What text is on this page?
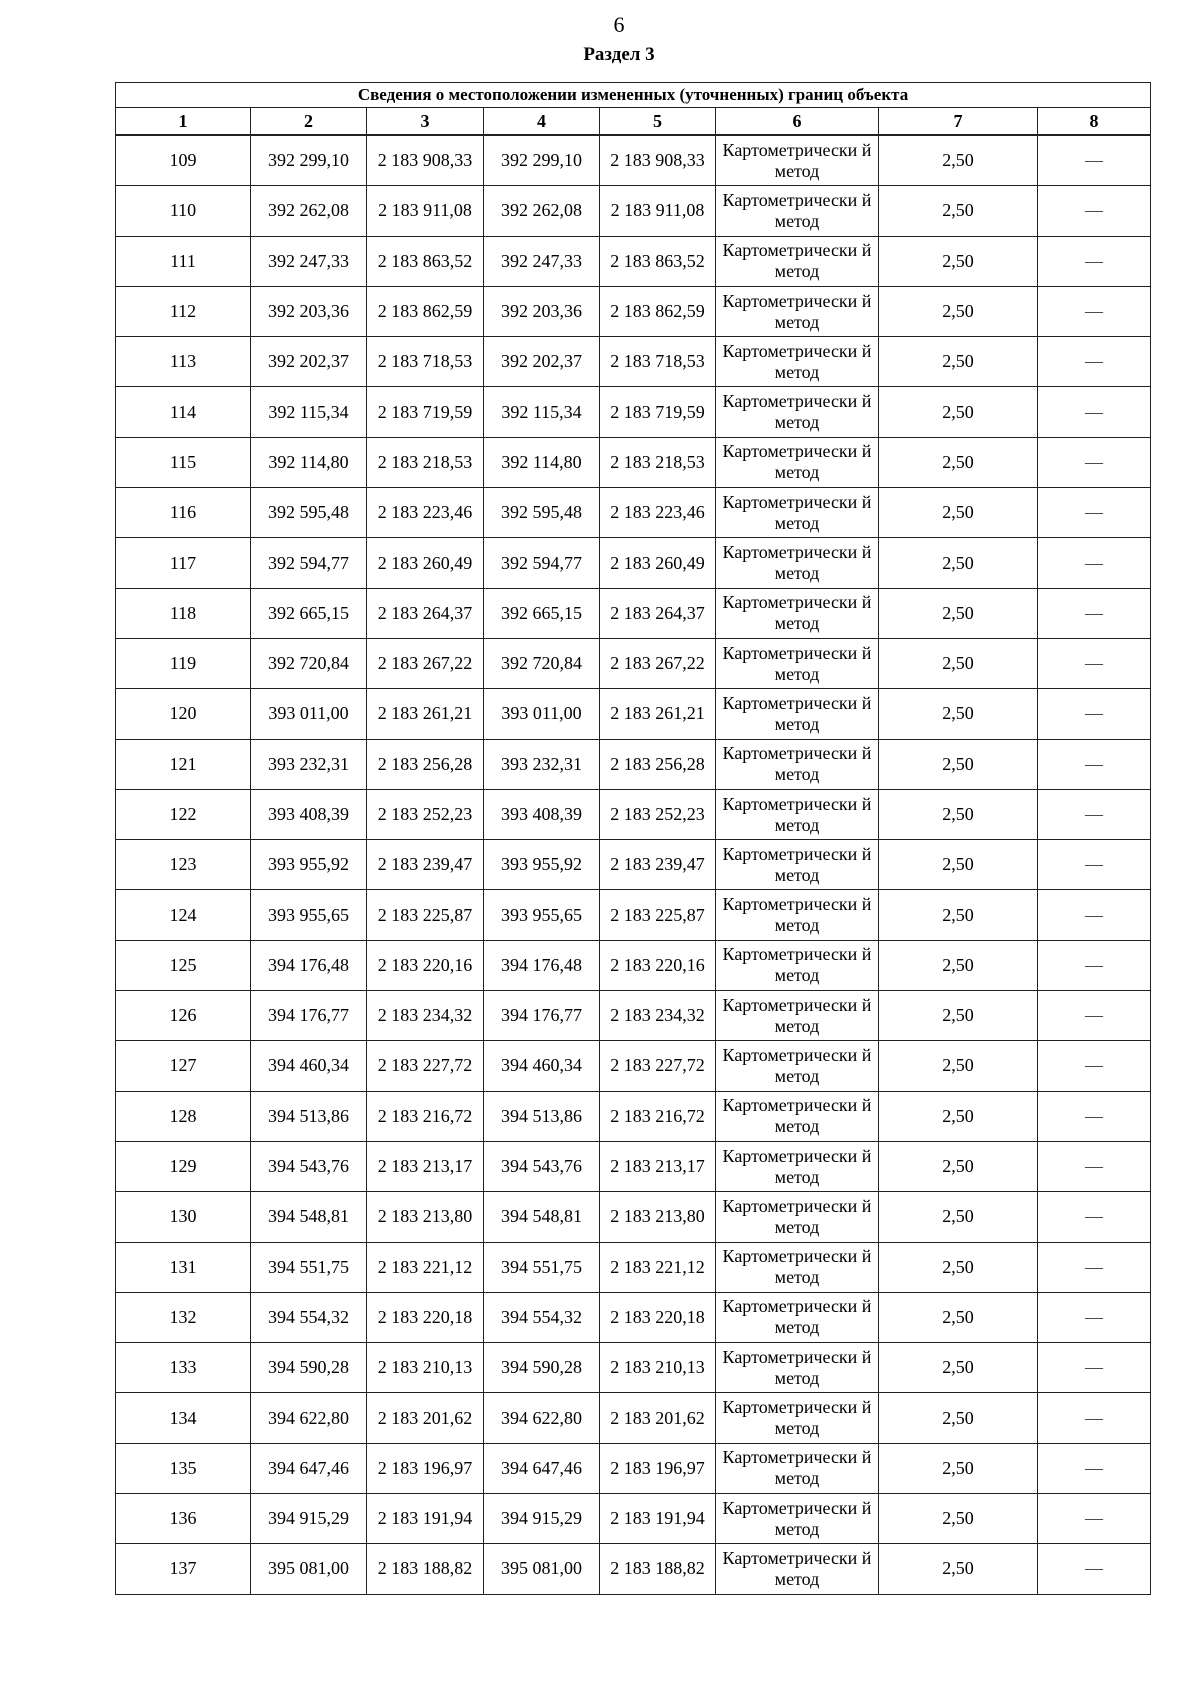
6
Раздел 3
Сведения о местоположении измененных (уточненных) границ объекта							
1	2	3	4	5	6	7	8
109	392 299,10	2 183 908,33	392 299,10	2 183 908,33	Картометрически й метод	2,50	—
110	392 262,08	2 183 911,08	392 262,08	2 183 911,08	Картометрически й метод	2,50	—
111	392 247,33	2 183 863,52	392 247,33	2 183 863,52	Картометрически й метод	2,50	—
112	392 203,36	2 183 862,59	392 203,36	2 183 862,59	Картометрически й метод	2,50	—
113	392 202,37	2 183 718,53	392 202,37	2 183 718,53	Картометрически й метод	2,50	—
114	392 115,34	2 183 719,59	392 115,34	2 183 719,59	Картометрически й метод	2,50	—
115	392 114,80	2 183 218,53	392 114,80	2 183 218,53	Картометрически й метод	2,50	—
116	392 595,48	2 183 223,46	392 595,48	2 183 223,46	Картометрически й метод	2,50	—
117	392 594,77	2 183 260,49	392 594,77	2 183 260,49	Картометрически й метод	2,50	—
118	392 665,15	2 183 264,37	392 665,15	2 183 264,37	Картометрически й метод	2,50	—
119	392 720,84	2 183 267,22	392 720,84	2 183 267,22	Картометрически й метод	2,50	—
120	393 011,00	2 183 261,21	393 011,00	2 183 261,21	Картометрически й метод	2,50	—
121	393 232,31	2 183 256,28	393 232,31	2 183 256,28	Картометрически й метод	2,50	—
122	393 408,39	2 183 252,23	393 408,39	2 183 252,23	Картометрически й метод	2,50	—
123	393 955,92	2 183 239,47	393 955,92	2 183 239,47	Картометрически й метод	2,50	—
124	393 955,65	2 183 225,87	393 955,65	2 183 225,87	Картометрически й метод	2,50	—
125	394 176,48	2 183 220,16	394 176,48	2 183 220,16	Картометрически й метод	2,50	—
126	394 176,77	2 183 234,32	394 176,77	2 183 234,32	Картометрически й метод	2,50	—
127	394 460,34	2 183 227,72	394 460,34	2 183 227,72	Картометрически й метод	2,50	—
128	394 513,86	2 183 216,72	394 513,86	2 183 216,72	Картометрически й метод	2,50	—
129	394 543,76	2 183 213,17	394 543,76	2 183 213,17	Картометрически й метод	2,50	—
130	394 548,81	2 183 213,80	394 548,81	2 183 213,80	Картометрически й метод	2,50	—
131	394 551,75	2 183 221,12	394 551,75	2 183 221,12	Картометрически й метод	2,50	—
132	394 554,32	2 183 220,18	394 554,32	2 183 220,18	Картометрически й метод	2,50	—
133	394 590,28	2 183 210,13	394 590,28	2 183 210,13	Картометрически й метод	2,50	—
134	394 622,80	2 183 201,62	394 622,80	2 183 201,62	Картометрически й метод	2,50	—
135	394 647,46	2 183 196,97	394 647,46	2 183 196,97	Картометрически й метод	2,50	—
136	394 915,29	2 183 191,94	394 915,29	2 183 191,94	Картометрически й метод	2,50	—
137	395 081,00	2 183 188,82	395 081,00	2 183 188,82	Картометрически й метод	2,50	—
